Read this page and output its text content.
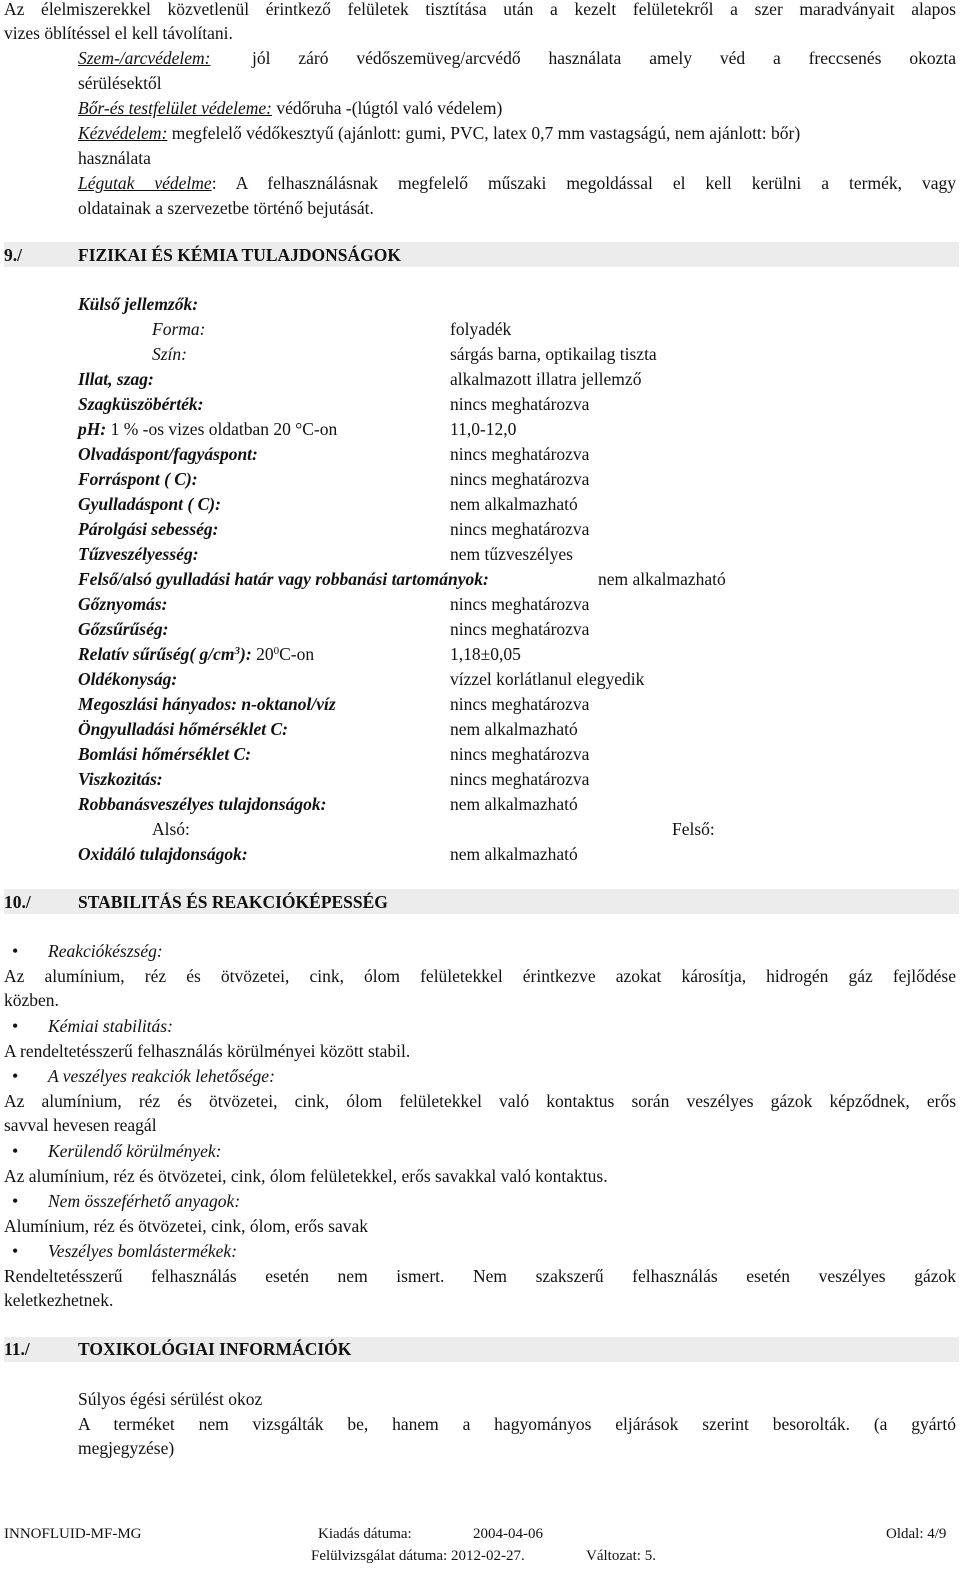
Az élelmiszerekkel közvetlenül érintkező felületek tisztítása után a kezelt felületekről a szer maradványait alapos
vizes öblítéssel el kell távolítani.
Szem-/arcvédelem: jól záró védőszemüveg/arcvédő használata amely véd a freccsenés okozta
sérülésektől
Bőr-és testfelület védeleme: védőruha -(lúgtól való védelem)
Kézvédelem: megfelelő védőkesztyű (ajánlott: gumi, PVC, latex 0,7 mm vastagságú, nem ajánlott: bőr)
használata
Légutak védelme: A felhasználásnak megfelelő műszaki megoldással el kell kerülni a termék, vagy
oldatainak a szervezetbe történő bejutását.
9./	FIZIKAI ÉS KÉMIA TULAJDONSÁGOK
Külső jellemzők:
Forma:	folyadék
Szín:	sárgás barna, optikailag tiszta
Illat, szag:	alkalmazott illatra jellemző
Szagküszöbérték:	nincs meghatározva
pH: 1 % -os vizes oldatban 20 °C-on	11,0-12,0
Olvadáspont/fagyáspont:	nincs meghatározva
Forráspont ( C):	nincs meghatározva
Gyulladáspont ( C):	nem alkalmazható
Párolgási sebesség:	nincs meghatározva
Tűzveszélyesség:	nem tűzveszélyes
Felső/alsó gyulladási határ vagy robbanási tartományok:	nem alkalmazható
Gőznyomás:	nincs meghatározva
Gőzsűrűség:	nincs meghatározva
Relatív sűrűség( $g/cm^3$): $20^0C-on$	1,18±0,05
Oldékonyság:	vízzel korlátlanul elegyedik
Megoszlási hányados: n-oktanol/víz	nincs meghatározva
Öngyulladási hőmérséklet C:	nem alkalmazható
Bomlási hőmérséklet C:	nincs meghatározva
Viszkozitás:	nincs meghatározva
Robbanásveszélyes tulajdonságok:	nem alkalmazható
Alsó:	Felső:
Oxidáló tulajdonságok:	nem alkalmazható
10./	STABILITÁS ÉS REAKCIÓKÉPESSÉG
• Reakciókészség:
Az alumínium, réz és ötvözetei, cink, ólom felületekkel érintkezve azokat károsítja, hidrogén gáz fejlődése
közben.
• Kémiai stabilitás:
A rendeltetésszerű felhasználás körülményei között stabil.
• A veszélyes reakciók lehetősége:
Az alumínium, réz és ötvözetei, cink, ólom felületekkel való kontaktus során veszélyes gázok képződnek, erős
savval hevesen reagál
• Kerülendő körülmények:
Az alumínium, réz és ötvözetei, cink, ólom felületekkel, erős savakkal való kontaktus.
• Nem összeférhető anyagok:
Alumínium, réz és ötvözetei, cink, ólom, erős savak
• Veszélyes bomlástermékek:
Rendeltetésszerű felhasználás esetén nem ismert. Nem szakszerű felhasználás esetén veszélyes gázok
keletkezhetnek.
11./	TOXIKOLÓGIAI INFORMÁCIÓK
Súlyos égési sérülést okoz
A terméket nem vizsgálták be, hanem a hagyományos eljárások szerint besorolták. (a gyártó
megjegyzése)
INNOFLUID-MF-MG	Kiadás dátuma:	2004-04-06	Oldal: 4/9
Felülvizsgálat dátuma: 2012-02-27.	Változat: 5.
